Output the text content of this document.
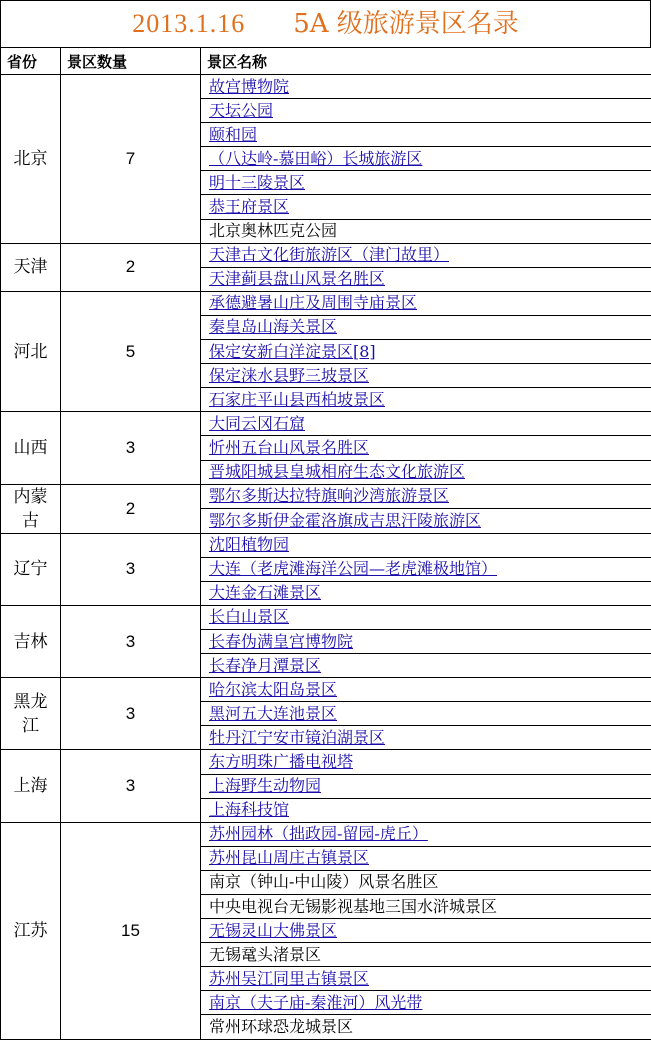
2013.1.16 5A 级旅游景区名录
省份	景区数量	景区名称
北京	7	故宫博物院
		天坛公园
		颐和园
		（八达岭-慕田峪）长城旅游区
		明十三陵景区
		恭王府景区
		北京奥林匹克公园
天津	2	天津古文化街旅游区（津门故里）
		天津蓟县盘山风景名胜区
河北	5	承德避暑山庄及周围寺庙景区
		秦皇岛山海关景区
		保定安新白洋淀景区[8]
		保定涞水县野三坡景区
		石家庄平山县西柏坡景区
山西	3	大同云冈石窟
		忻州五台山风景名胜区
		晋城阳城县皇城相府生态文化旅游区
内蒙古	2	鄂尔多斯达拉特旗响沙湾旅游景区
		鄂尔多斯伊金霍洛旗成吉思汗陵旅游区
辽宁	3	沈阳植物园
		大连（老虎滩海洋公园—老虎滩极地馆）
		大连金石滩景区
吉林	3	长白山景区
		长春伪满皇宫博物院
		长春净月潭景区
黑龙江	3	哈尔滨太阳岛景区
		黑河五大连池景区
		牡丹江宁安市镜泊湖景区
上海	3	东方明珠广播电视塔
		上海野生动物园
		上海科技馆
江苏	15	苏州园林（拙政园-留园-虎丘）
		苏州昆山周庄古镇景区
		南京（钟山-中山陵）风景名胜区
		中央电视台无锡影视基地三国水浒城景区
		无锡灵山大佛景区
		无锡鼋头渚景区
		苏州吴江同里古镇景区
		南京（夫子庙-秦淮河）风光带
		常州环球恐龙城景区
